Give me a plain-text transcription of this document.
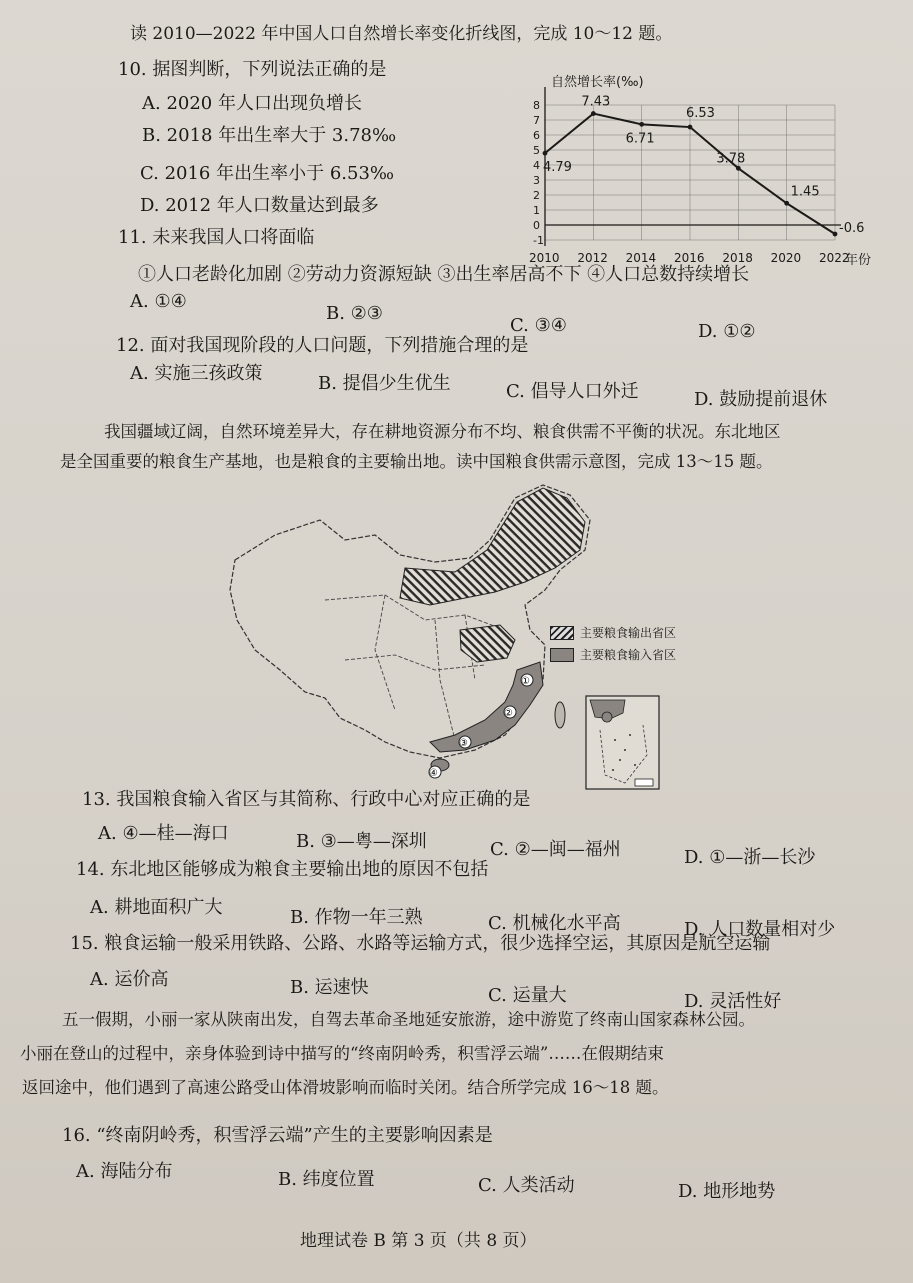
读 2010—2022 年中国人口自然增长率变化折线图，完成 10～12 题。
10. 据图判断，下列说法正确的是
A. 2020 年人口出现负增长
B. 2018 年出生率大于 3.78‰
C. 2016 年出生率小于 6.53‰
D. 2012 年人口数量达到最多
自然增长率(‰)
-1
0
1
2
3
4
5
6
7
8
4.79
7.43
6.71
6.53
3.78
1.45
-0.6
2010 2012 2014 2016 2018 2020 2022
年份
11. 未来我国人口将面临
①人口老龄化加剧 ②劳动力资源短缺 ③出生率居高不下 ④人口总数持续增长
A. ①④
B. ②③
C. ③④	D. ①②
12. 面对我国现阶段的人口问题，下列措施合理的是
A. 实施三孩政策	B. 提倡少生优生	C. 倡导人口外迁	D. 鼓励提前退休
我国疆域辽阔，自然环境差异大，存在耕地资源分布不均、粮食供需不平衡的状况。东北地区
是全国重要的粮食生产基地，也是粮食的主要输出地。读中国粮食供需示意图，完成 13～15 题。
①
②
③
④
主要粮食输出省区
主要粮食输入省区
13. 我国粮食输入省区与其简称、行政中心对应正确的是
A. ④—桂—海口	B. ③—粤—深圳	C. ②—闽—福州	D. ①—浙—长沙
14. 东北地区能够成为粮食主要输出地的原因不包括
A. 耕地面积广大	B. 作物一年三熟	C. 机械化水平高	D. 人口数量相对少
15. 粮食运输一般采用铁路、公路、水路等运输方式，很少选择空运，其原因是航空运输
A. 运价高	B. 运速快	C. 运量大	D. 灵活性好
五一假期，小丽一家从陕南出发，自驾去革命圣地延安旅游，途中游览了终南山国家森林公园。
小丽在登山的过程中，亲身体验到诗中描写的“终南阴岭秀，积雪浮云端”……在假期结束
返回途中，他们遇到了高速公路受山体滑坡影响而临时关闭。结合所学完成 16～18 题。
16. “终南阴岭秀，积雪浮云端”产生的主要影响因素是
A. 海陆分布	B. 纬度位置	C. 人类活动	D. 地形地势
地理试卷 B 第 3 页（共 8 页）
